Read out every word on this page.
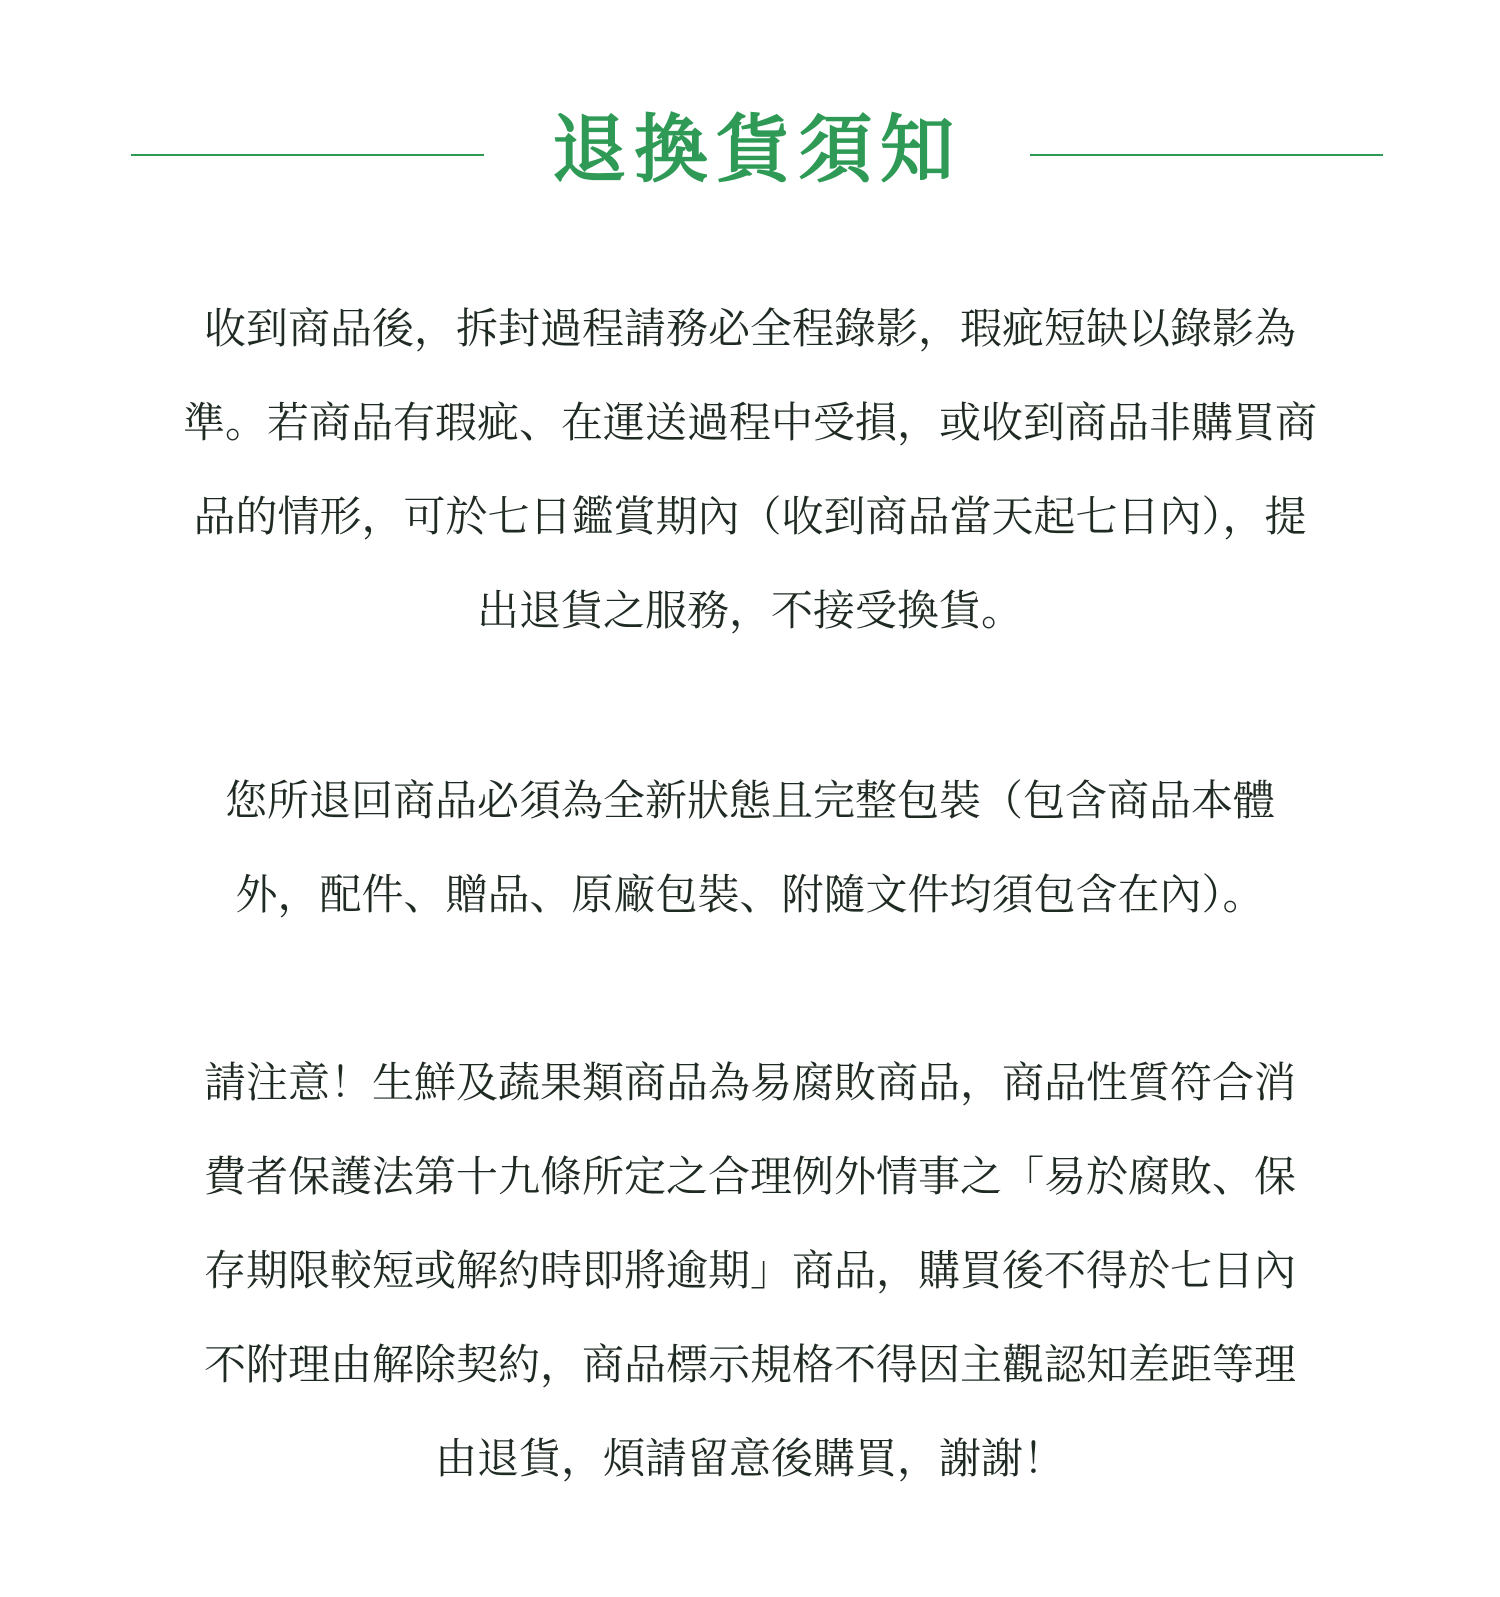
退換貨須知

收到商品後，拆封過程請務必全程錄影，瑕疵短缺以錄影為
準。若商品有瑕疵、在運送過程中受損，或收到商品非購買商
品的情形，可於七日鑑賞期內（收到商品當天起七日內），提
出退貨之服務，不接受換貨。

您所退回商品必須為全新狀態且完整包裝（包含商品本體
外，配件、贈品、原廠包裝、附隨文件均須包含在內）。

請注意！生鮮及蔬果類商品為易腐敗商品，商品性質符合消
費者保護法第十九條所定之合理例外情事之「易於腐敗、保
存期限較短或解約時即將逾期」商品，購買後不得於七日內
不附理由解除契約，商品標示規格不得因主觀認知差距等理
由退貨，煩請留意後購買，謝謝！
